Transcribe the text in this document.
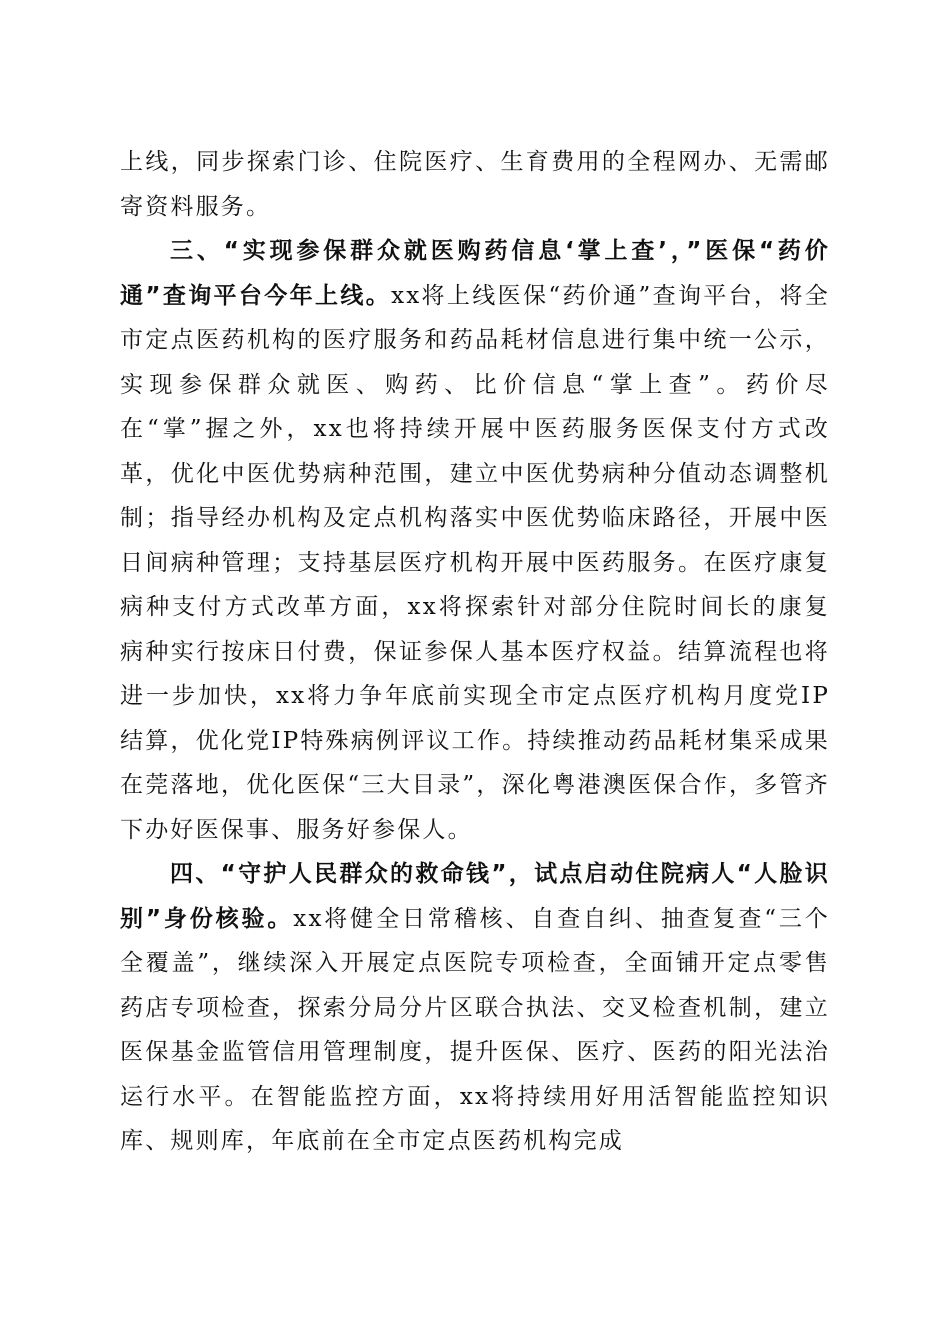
上线，同步探索门诊、住院医疗、生育费用的全程网办、无需邮寄资料服务。

三、“实现参保群众就医购药信息‘掌上查’，”医保“药价通”查询平台今年上线。xx将上线医保“药价通”查询平台，将全市定点医药机构的医疗服务和药品耗材信息进行集中统一公示，实现参保群众就医、购药、比价信息“掌上查”。药价尽在“掌”握之外，xx也将持续开展中医药服务医保支付方式改革，优化中医优势病种范围，建立中医优势病种分值动态调整机制；指导经办机构及定点机构落实中医优势临床路径，开展中医日间病种管理；支持基层医疗机构开展中医药服务。在医疗康复病种支付方式改革方面，xx将探索针对部分住院时间长的康复病种实行按床日付费，保证参保人基本医疗权益。结算流程也将进一步加快，xx将力争年底前实现全市定点医疗机构月度党IP结算，优化党IP特殊病例评议工作。持续推动药品耗材集采成果在莞落地，优化医保“三大目录”，深化粤港澳医保合作，多管齐下办好医保事、服务好参保人。

四、“守护人民群众的救命钱”，试点启动住院病人“人脸识别”身份核验。xx将健全日常稽核、自查自纠、抽查复查“三个全覆盖”，继续深入开展定点医院专项检查，全面铺开定点零售药店专项检查，探索分局分片区联合执法、交叉检查机制，建立医保基金监管信用管理制度，提升医保、医疗、医药的阳光法治运行水平。在智能监控方面，xx将持续用好用活智能监控知识库、规则库，年底前在全市定点医药机构完成
